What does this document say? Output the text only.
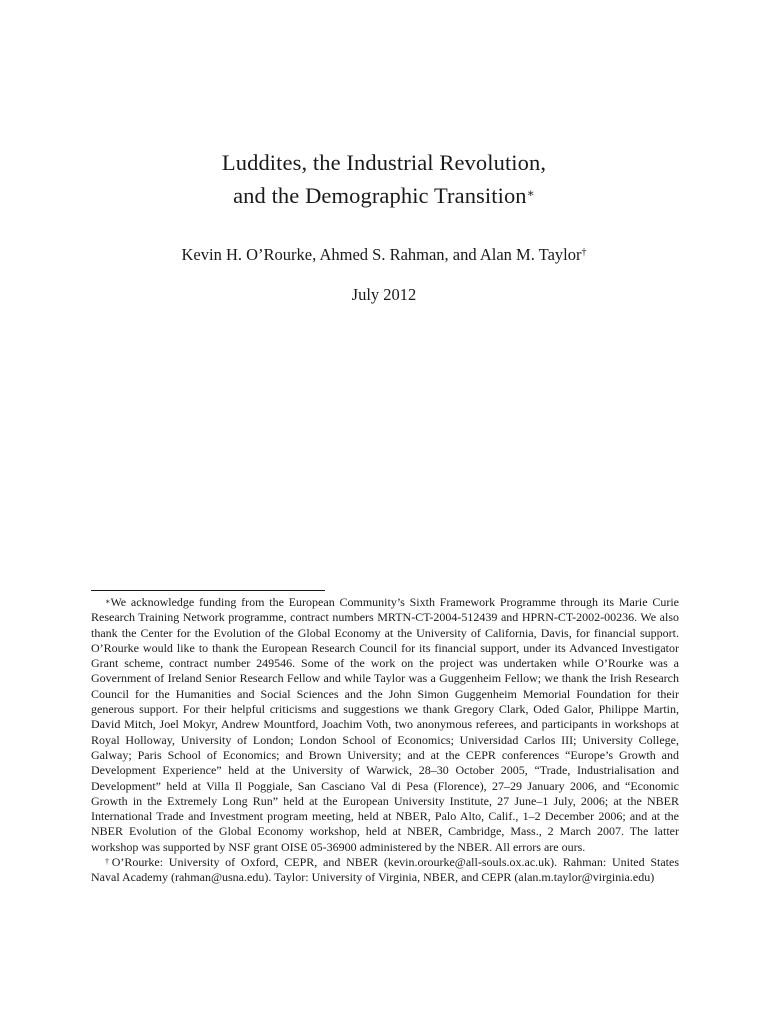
Luddites, the Industrial Revolution,
and the Demographic Transition∗
Kevin H. O’Rourke, Ahmed S. Rahman, and Alan M. Taylor†
July 2012

∗We acknowledge funding from the European Community’s Sixth Framework Programme through its Marie Curie Research Training Network programme, contract numbers MRTN-CT-2004-512439 and HPRN-CT-2002-00236. We also thank the Center for the Evolution of the Global Economy at the University of California, Davis, for financial support. O’Rourke would like to thank the European Research Council for its financial support, under its Advanced Investigator Grant scheme, contract number 249546. Some of the work on the project was undertaken while O’Rourke was a Government of Ireland Senior Research Fellow and while Taylor was a Guggenheim Fellow; we thank the Irish Research Council for the Humanities and Social Sciences and the John Simon Guggenheim Memorial Foundation for their generous support. For their helpful criticisms and suggestions we thank Gregory Clark, Oded Galor, Philippe Martin, David Mitch, Joel Mokyr, Andrew Mountford, Joachim Voth, two anonymous referees, and participants in workshops at Royal Holloway, University of London; London School of Economics; Universidad Carlos III; University College, Galway; Paris School of Economics; and Brown University; and at the CEPR conferences “Europe’s Growth and Development Experience” held at the University of Warwick, 28–30 October 2005, “Trade, Industrialisation and Development” held at Villa Il Poggiale, San Casciano Val di Pesa (Florence), 27–29 January 2006, and “Economic Growth in the Extremely Long Run” held at the European University Institute, 27 June–1 July, 2006; at the NBER International Trade and Investment program meeting, held at NBER, Palo Alto, Calif., 1–2 December 2006; and at the NBER Evolution of the Global Economy workshop, held at NBER, Cambridge, Mass., 2 March 2007. The latter workshop was supported by NSF grant OISE 05-36900 administered by the NBER. All errors are ours.

†O’Rourke: University of Oxford, CEPR, and NBER (kevin.orourke@all-souls.ox.ac.uk). Rahman: United States Naval Academy (rahman@usna.edu). Taylor: University of Virginia, NBER, and CEPR (alan.m.taylor@virginia.edu)
